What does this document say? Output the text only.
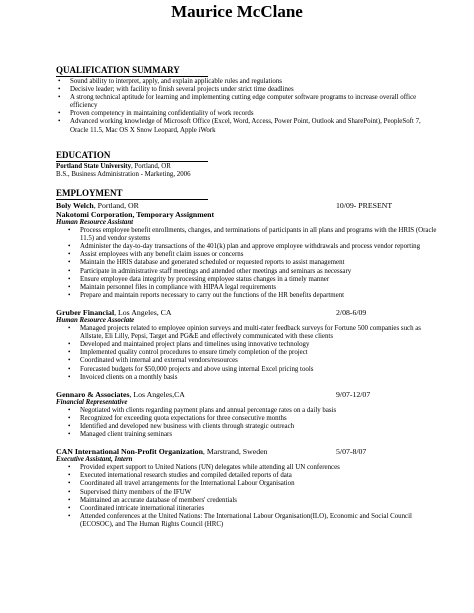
Maurice McClane
QUALIFICATION SUMMARY
• Sound ability to interpret, apply, and explain applicable rules and regulations
• Decisive leader; with facility to finish several projects under strict time deadlines
• A strong technical aptitude for learning and implementing cutting edge computer software programs to increase overall office efficiency
• Proven competency in maintaining confidentiality of work records
• Advanced working knowledge of Microsoft Office (Excel, Word, Access, Power Point, Outlook and SharePoint), PeopleSoft 7, Oracle 11.5, Mac OS X Snow Leopard, Apple iWork
EDUCATION
Portland State University, Portland, OR
B.S., Business Administration - Marketing, 2006
EMPLOYMENT
Boly Welch, Portland, OR	10/09- PRESENT
Nakotomi Corporation, Temporary Assignment
Human Resource Assistant
• Process employee benefit enrollments, changes, and terminations of participants in all plans and programs with the HRIS (Oracle 11.5) and vendor systems
• Administer the day-to-day transactions of the 401(k) plan and approve employee withdrawals and process vendor reporting
• Assist employees with any benefit claim issues or concerns
• Maintain the HRIS database and generated scheduled or requested reports to assist management
• Participate in administrative staff meetings and attended other meetings and seminars as necessary
• Ensure employee data integrity by processing employee status changes in a timely manner
• Maintain personnel files in compliance with HIPAA legal requirements
• Prepare and maintain reports necessary to carry out the functions of the HR benefits department
Gruber Financial, Los Angeles, CA	2/08-6/09
Human Resource Associate
• Managed projects related to employee opinion surveys and multi-rater feedback surveys for Fortune 500 companies such as Allstate, Eli Lilly, Pepsi, Target and PG&E and effectively communicated with these clients
• Developed and maintained project plans and timelines using innovative technology
• Implemented quality control procedures to ensure timely completion of the project
• Coordinated with internal and external vendors/resources
• Forecasted budgets for $50,000 projects and above using internal Excel pricing tools
• Invoiced clients on a monthly basis
Gennaro & Associates, Los Angeles,CA	9/07-12/07
Financial Representative
• Negotiated with clients regarding payment plans and annual percentage rates on a daily basis
• Recognized for exceeding quota expectations for three consecutive months
• Identified and developed new business with clients through strategic outreach
• Managed client training seminars
CAN International Non-Profit Organization, Marstrand, Sweden	5/07-8/07
Executive Assistant, Intern
• Provided expert support to United Nations (UN) delegates while attending all UN conferences
• Executed international research studies and compiled detailed reports of data
• Coordinated all travel arrangements for the International Labour Organisation
• Supervised thirty members of the IFUW
• Maintained an accurate database of members' credentials
• Coordinated intricate international itineraries
• Attended conferences at the United Nations: The International Labour Organisation(ILO), Economic and Social Council (ECOSOC), and The Human Rights Council (HRC)
